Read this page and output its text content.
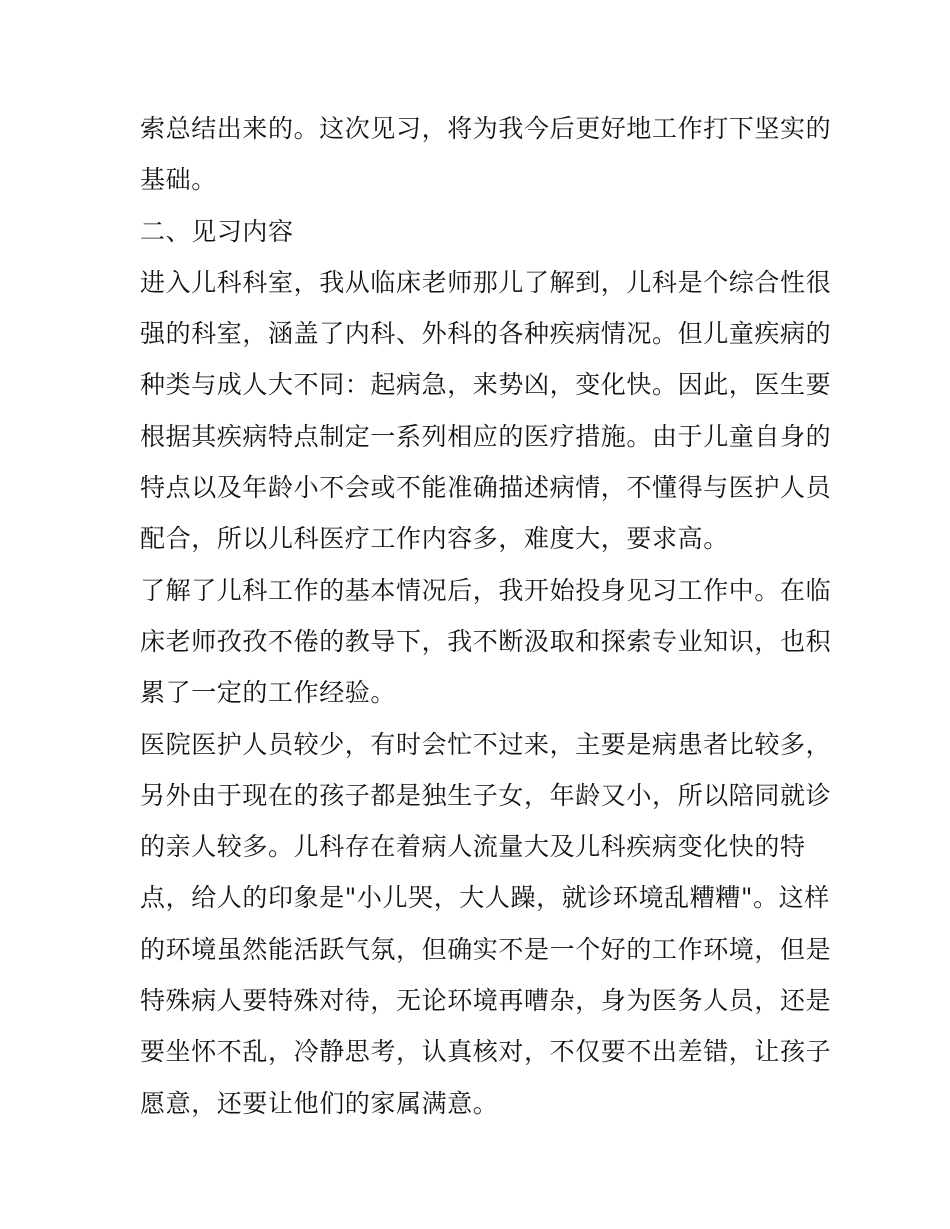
索总结出来的。这次见习，将为我今后更好地工作打下坚实的
基础。
二、见习内容
进入儿科科室，我从临床老师那儿了解到，儿科是个综合性很
强的科室，涵盖了内科、外科的各种疾病情况。但儿童疾病的
种类与成人大不同：起病急，来势凶，变化快。因此，医生要
根据其疾病特点制定一系列相应的医疗措施。由于儿童自身的
特点以及年龄小不会或不能准确描述病情，不懂得与医护人员
配合，所以儿科医疗工作内容多，难度大，要求高。
了解了儿科工作的基本情况后，我开始投身见习工作中。在临
床老师孜孜不倦的教导下，我不断汲取和探索专业知识，也积
累了一定的工作经验。
医院医护人员较少，有时会忙不过来，主要是病患者比较多，
另外由于现在的孩子都是独生子女，年龄又小，所以陪同就诊
的亲人较多。儿科存在着病人流量大及儿科疾病变化快的特
点，给人的印象是"小儿哭，大人躁，就诊环境乱糟糟"。这样
的环境虽然能活跃气氛，但确实不是一个好的工作环境，但是
特殊病人要特殊对待，无论环境再嘈杂，身为医务人员，还是
要坐怀不乱，冷静思考，认真核对，不仅要不出差错，让孩子
愿意，还要让他们的家属满意。
